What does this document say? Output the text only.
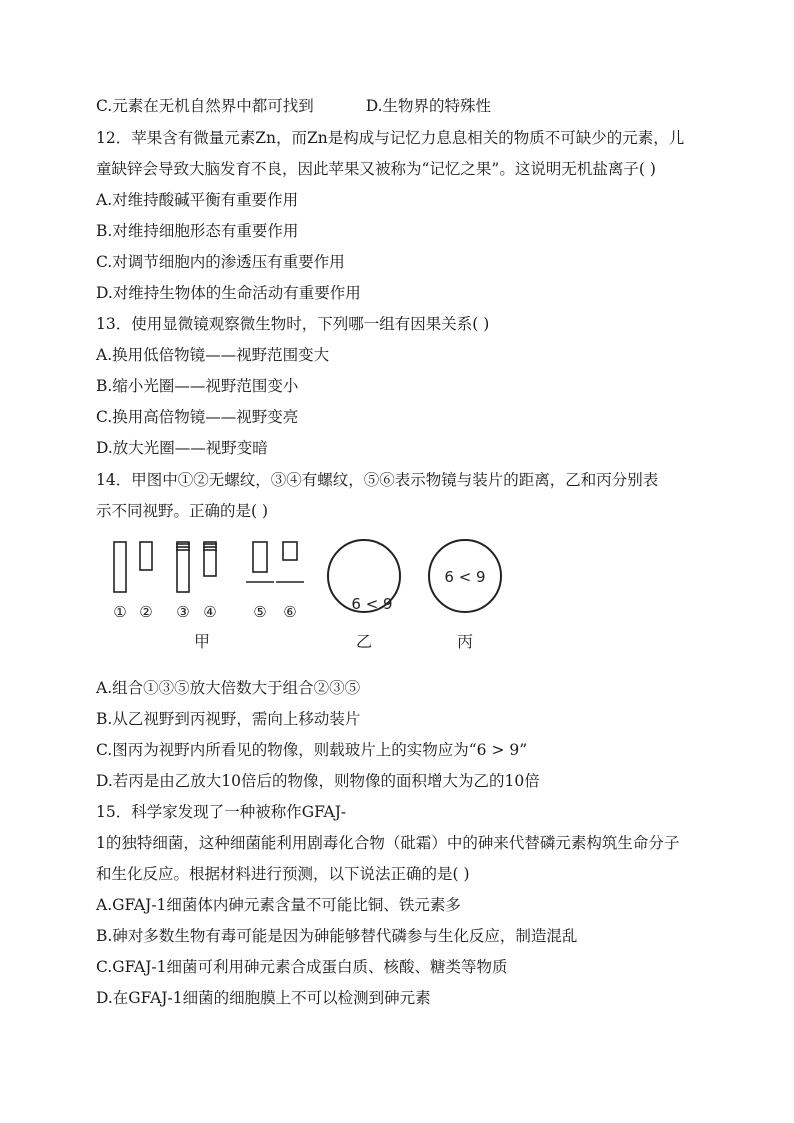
C.元素在无机自然界中都可找到	D.生物界的特殊性
12．苹果含有微量元素Zn，而Zn是构成与记忆力息息相关的物质不可缺少的元素，儿
童缺锌会导致大脑发育不良，因此苹果又被称为“记忆之果”。这说明无机盐离子( )
A.对维持酸碱平衡有重要作用
B.对维持细胞形态有重要作用
C.对调节细胞内的渗透压有重要作用
D.对维持生物体的生命活动有重要作用
13．使用显微镜观察微生物时，下列哪一组有因果关系( )
A.换用低倍物镜——视野范围变大
B.缩小光圈——视野范围变小
C.换用高倍物镜——视野变亮
D.放大光圈——视野变暗
14．甲图中①②无螺纹，③④有螺纹，⑤⑥表示物镜与装片的距离，乙和丙分别表
示不同视野。正确的是( )
① ② ③ ④ ⑤ ⑥
甲
6 < 9
乙
6 < 9
丙
A.组合①③⑤放大倍数大于组合②③⑤
B.从乙视野到丙视野，需向上移动装片
C.图丙为视野内所看见的物像，则载玻片上的实物应为“6 > 9”
D.若丙是由乙放大10倍后的物像，则物像的面积增大为乙的10倍
15．科学家发现了一种被称作GFAJ-
1的独特细菌，这种细菌能利用剧毒化合物（砒霜）中的砷来代替磷元素构筑生命分子
和生化反应。根据材料进行预测，以下说法正确的是( )
A.GFAJ-1细菌体内砷元素含量不可能比铜、铁元素多
B.砷对多数生物有毒可能是因为砷能够替代磷参与生化反应，制造混乱
C.GFAJ-1细菌可利用砷元素合成蛋白质、核酸、糖类等物质
D.在GFAJ-1细菌的细胞膜上不可以检测到砷元素
